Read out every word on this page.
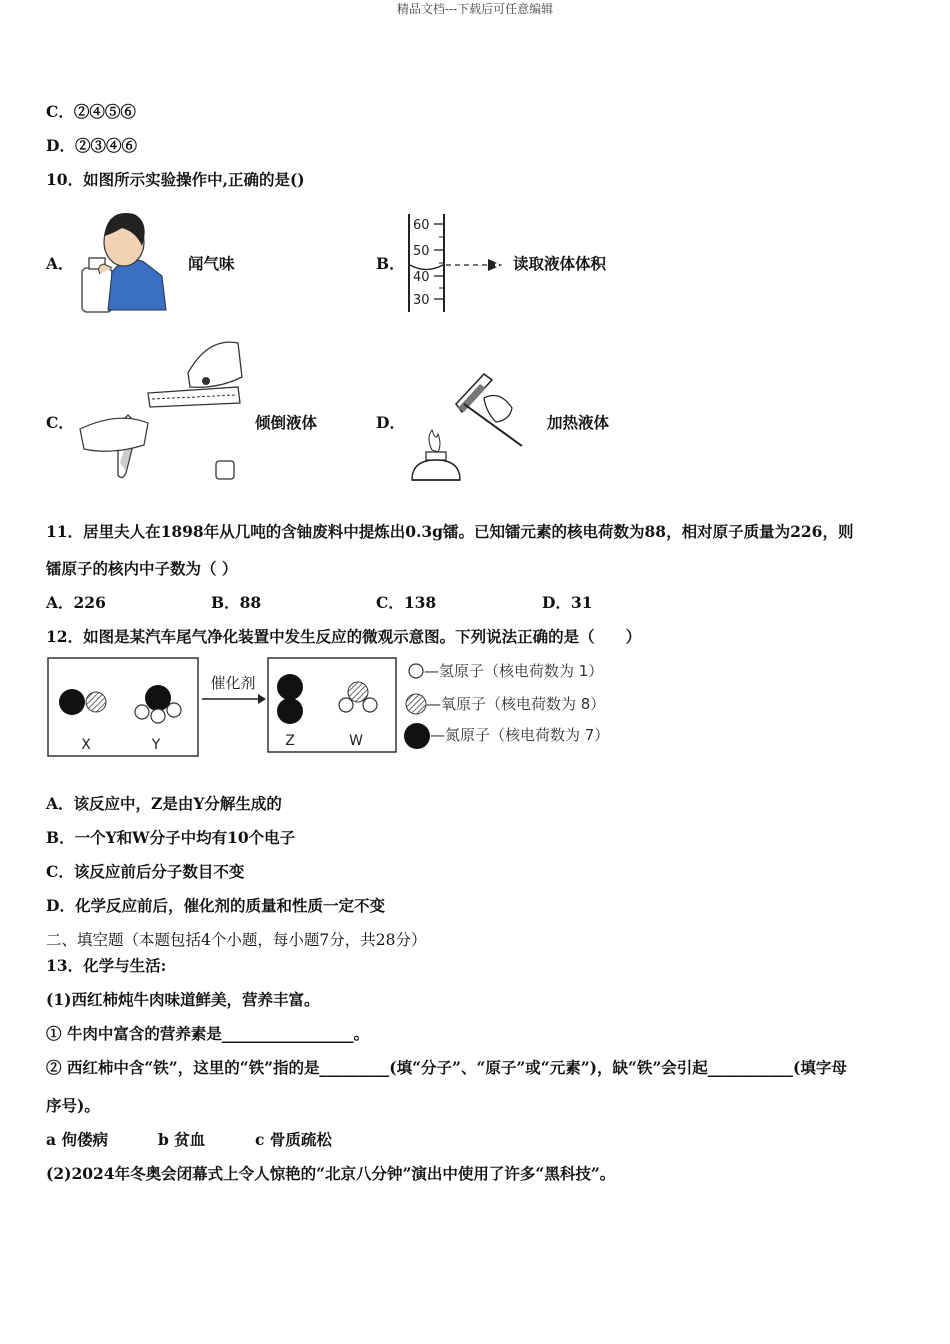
精品文档---下载后可任意编辑
C．②④⑤⑥
D．②③④⑥
10．如图所示实验操作中,正确的是()
A．	闻气味	B．
60
50
40
30
读取液体体积
C．	倾倒液体	D．	加热液体
11．居里夫人在1898年从几吨的含铀废料中提炼出0.3g镭。已知镭元素的核电荷数为88，相对原子质量为226，则
镭原子的核内中子数为（ ）
A．226	B．88	C．138	D．31
12．如图是某汽车尾气净化装置中发生反应的微观示意图。下列说法正确的是（　　）
X	Y
催化剂
Z	W
—氢原子（核电荷数为 1）
—氧原子（核电荷数为 8）
—氮原子（核电荷数为 7）
A．该反应中，Z是由Y分解生成的
B．一个Y和W分子中均有10个电子
C．该反应前后分子数目不变
D．化学反应前后，催化剂的质量和性质一定不变
二、填空题（本题包括4个小题，每小题7分，共28分）
13．化学与生活:
(1)西红柿炖牛肉味道鲜美，营养丰富。
① 牛肉中富含的营养素是_________________。
② 西红柿中含“铁”，这里的“铁”指的是_________(填“分子”、“原子”或“元素”)，缺“铁”会引起___________(填字母
序号)。
a 佝偻病	b 贫血	c 骨质疏松
(2)2024年冬奥会闭幕式上令人惊艳的“北京八分钟”演出中使用了许多“黑科技”。
